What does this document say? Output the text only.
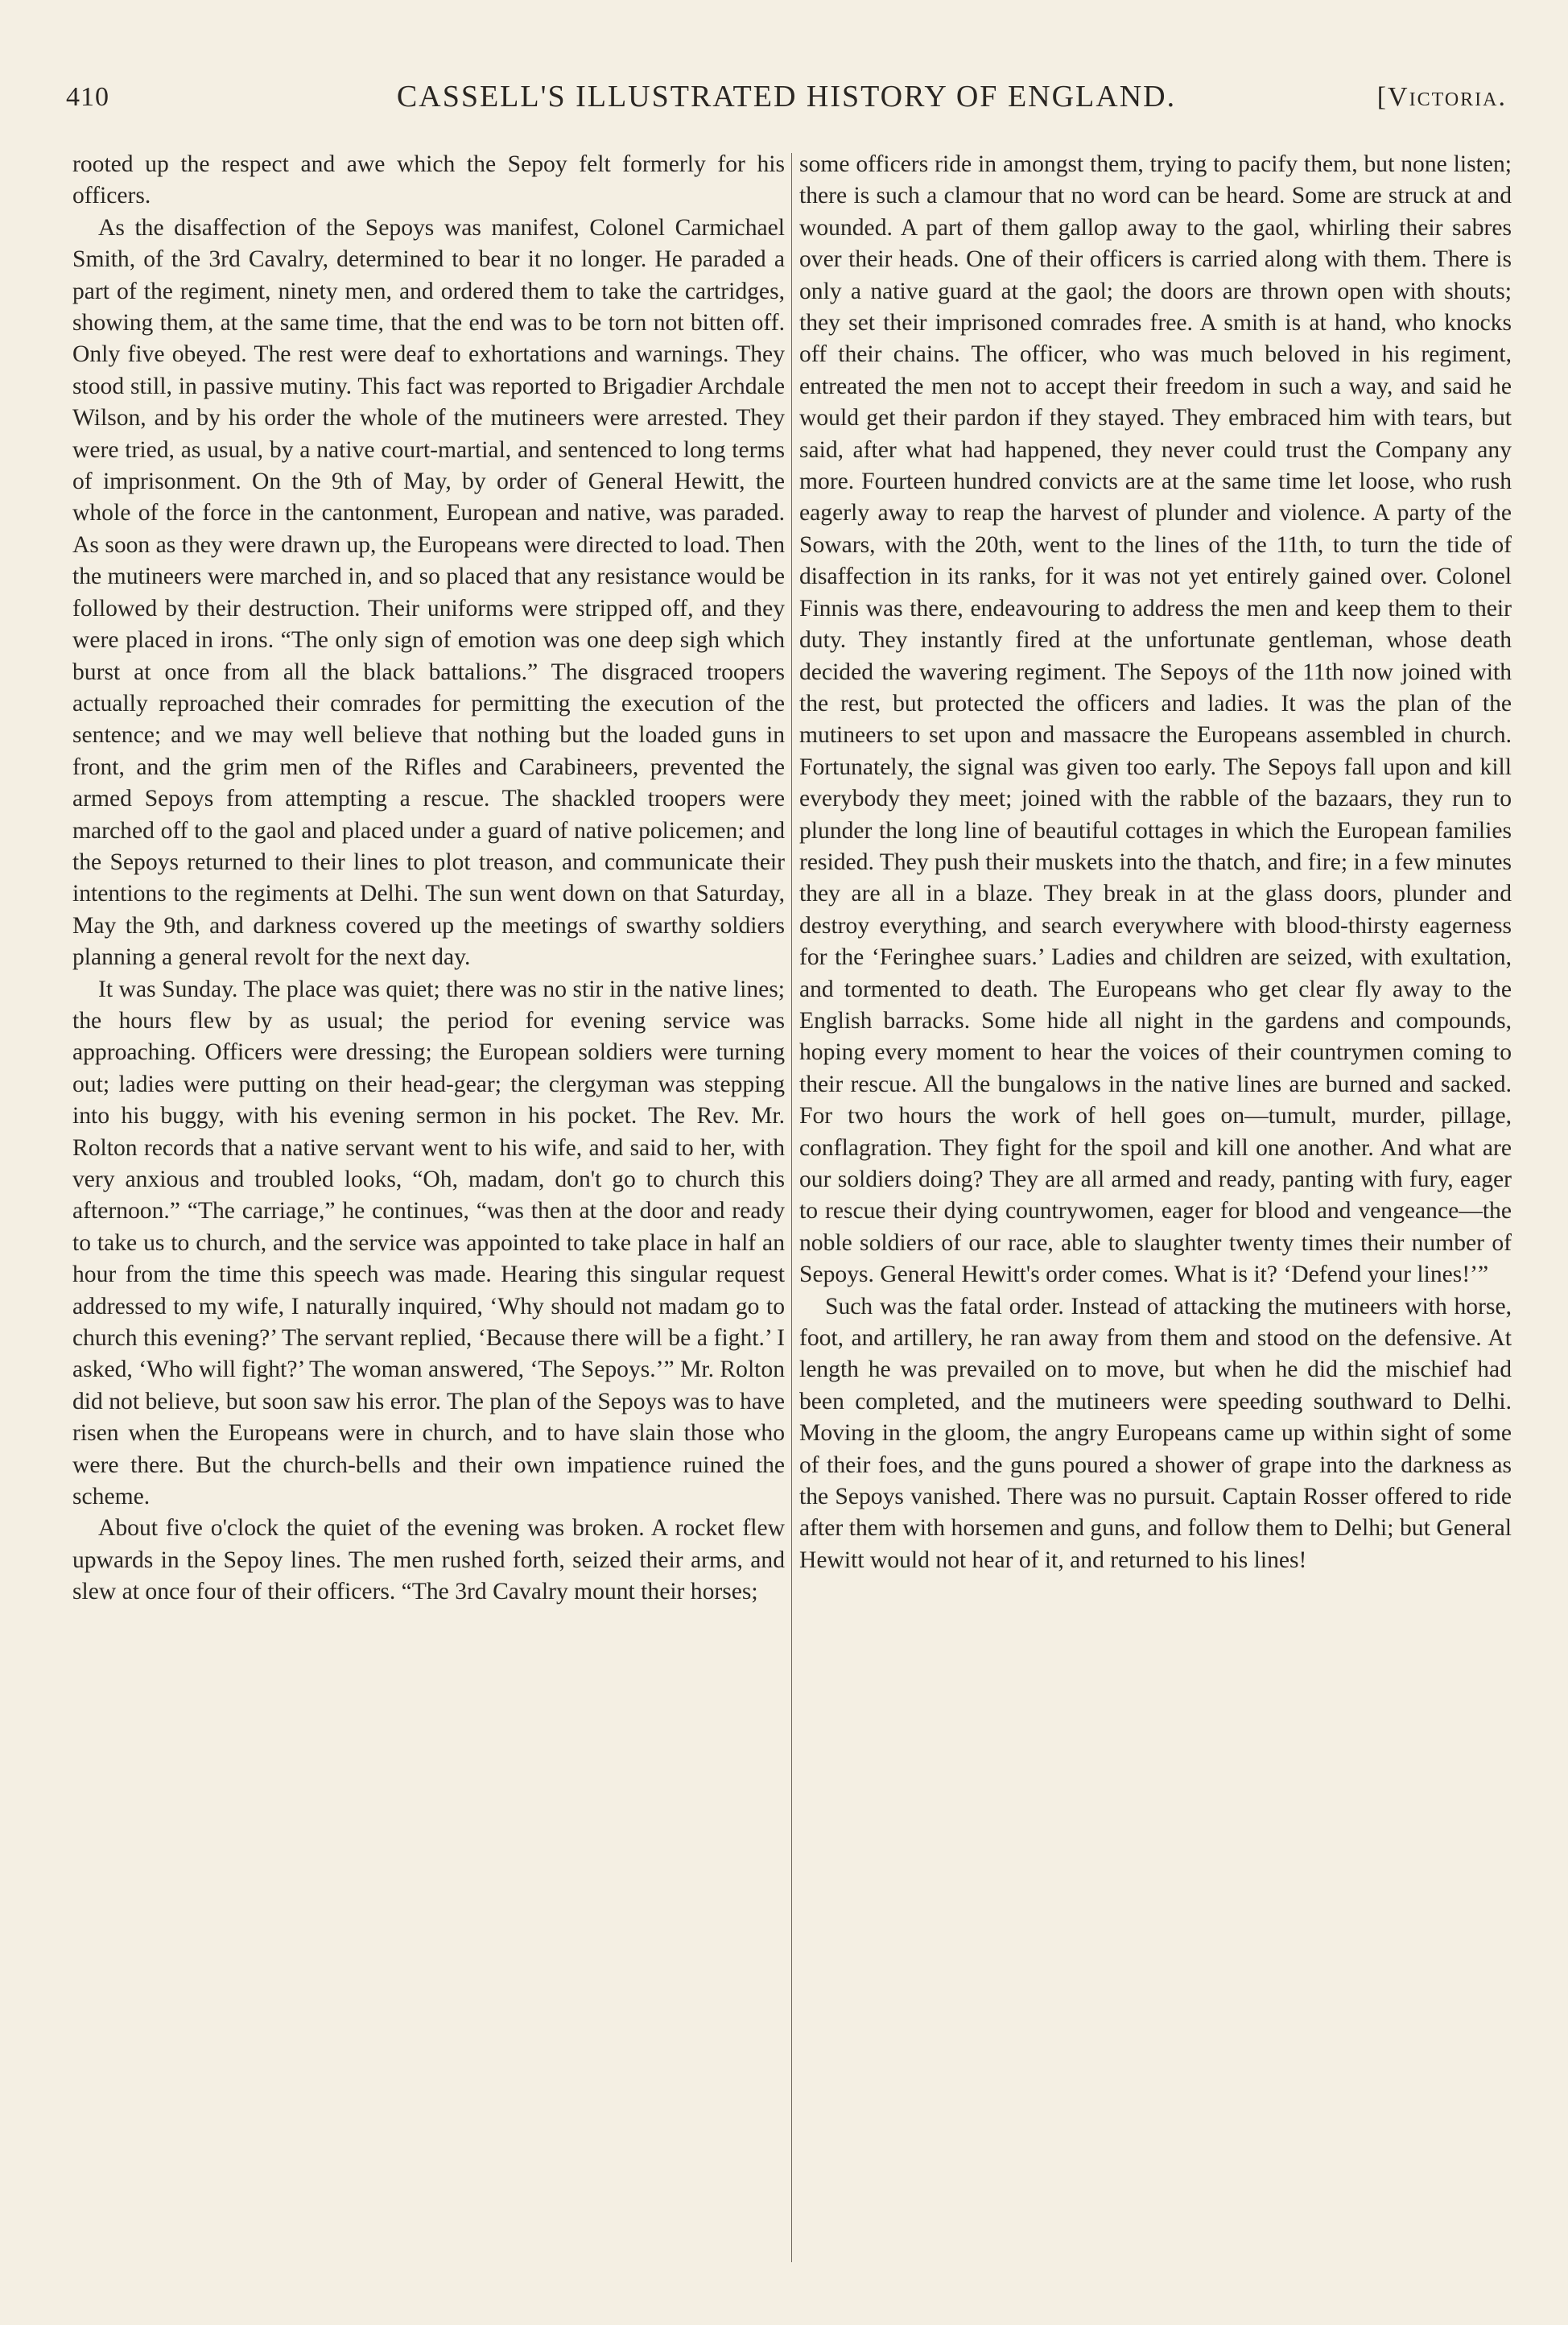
410	CASSELL'S ILLUSTRATED HISTORY OF ENGLAND.	[Victoria.

rooted up the respect and awe which the Sepoy felt formerly for his officers.

As the disaffection of the Sepoys was manifest, Colonel Carmichael Smith, of the 3rd Cavalry, determined to bear it no longer. He paraded a part of the regiment, ninety men, and ordered them to take the cartridges, showing them, at the same time, that the end was to be torn not bitten off. Only five obeyed. The rest were deaf to exhortations and warnings. They stood still, in passive mutiny. This fact was reported to Brigadier Archdale Wilson, and by his order the whole of the mutineers were arrested. They were tried, as usual, by a native court-martial, and sentenced to long terms of imprisonment. On the 9th of May, by order of General Hewitt, the whole of the force in the cantonment, European and native, was paraded. As soon as they were drawn up, the Europeans were directed to load. Then the mutineers were marched in, and so placed that any resistance would be followed by their destruction. Their uniforms were stripped off, and they were placed in irons. “The only sign of emotion was one deep sigh which burst at once from all the black battalions.” The disgraced troopers actually reproached their comrades for permitting the execution of the sentence; and we may well believe that nothing but the loaded guns in front, and the grim men of the Rifles and Carabineers, prevented the armed Sepoys from attempting a rescue. The shackled troopers were marched off to the gaol and placed under a guard of native policemen; and the Sepoys returned to their lines to plot treason, and communicate their intentions to the regiments at Delhi. The sun went down on that Saturday, May the 9th, and darkness covered up the meetings of swarthy soldiers planning a general revolt for the next day.

It was Sunday. The place was quiet; there was no stir in the native lines; the hours flew by as usual; the period for evening service was approaching. Officers were dressing; the European soldiers were turning out; ladies were putting on their head-gear; the clergyman was stepping into his buggy, with his evening sermon in his pocket. The Rev. Mr. Rolton records that a native servant went to his wife, and said to her, with very anxious and troubled looks, “Oh, madam, don't go to church this afternoon.” “The carriage,” he continues, “was then at the door and ready to take us to church, and the service was appointed to take place in half an hour from the time this speech was made. Hearing this singular request addressed to my wife, I naturally inquired, ‘Why should not madam go to church this evening?’ The servant replied, ‘Because there will be a fight.’ I asked, ‘Who will fight?’ The woman answered, ‘The Sepoys.’” Mr. Rolton did not believe, but soon saw his error. The plan of the Sepoys was to have risen when the Europeans were in church, and to have slain those who were there. But the church-bells and their own impatience ruined the scheme.

About five o'clock the quiet of the evening was broken. A rocket flew upwards in the Sepoy lines. The men rushed forth, seized their arms, and slew at once four of their officers. “The 3rd Cavalry mount their horses;

some officers ride in amongst them, trying to pacify them, but none listen; there is such a clamour that no word can be heard. Some are struck at and wounded. A part of them gallop away to the gaol, whirling their sabres over their heads. One of their officers is carried along with them. There is only a native guard at the gaol; the doors are thrown open with shouts; they set their imprisoned comrades free. A smith is at hand, who knocks off their chains. The officer, who was much beloved in his regiment, entreated the men not to accept their freedom in such a way, and said he would get their pardon if they stayed. They embraced him with tears, but said, after what had happened, they never could trust the Company any more. Fourteen hundred convicts are at the same time let loose, who rush eagerly away to reap the harvest of plunder and violence. A party of the Sowars, with the 20th, went to the lines of the 11th, to turn the tide of disaffection in its ranks, for it was not yet entirely gained over. Colonel Finnis was there, endeavouring to address the men and keep them to their duty. They instantly fired at the unfortunate gentleman, whose death decided the wavering regiment. The Sepoys of the 11th now joined with the rest, but protected the officers and ladies. It was the plan of the mutineers to set upon and massacre the Europeans assembled in church. Fortunately, the signal was given too early. The Sepoys fall upon and kill everybody they meet; joined with the rabble of the bazaars, they run to plunder the long line of beautiful cottages in which the European families resided. They push their muskets into the thatch, and fire; in a few minutes they are all in a blaze. They break in at the glass doors, plunder and destroy everything, and search everywhere with blood-thirsty eagerness for the ‘Feringhee suars.’ Ladies and children are seized, with exultation, and tormented to death. The Europeans who get clear fly away to the English barracks. Some hide all night in the gardens and compounds, hoping every moment to hear the voices of their countrymen coming to their rescue. All the bungalows in the native lines are burned and sacked. For two hours the work of hell goes on—tumult, murder, pillage, conflagration. They fight for the spoil and kill one another. And what are our soldiers doing? They are all armed and ready, panting with fury, eager to rescue their dying countrywomen, eager for blood and vengeance—the noble soldiers of our race, able to slaughter twenty times their number of Sepoys. General Hewitt's order comes. What is it? ‘Defend your lines!’”

Such was the fatal order. Instead of attacking the mutineers with horse, foot, and artillery, he ran away from them and stood on the defensive. At length he was prevailed on to move, but when he did the mischief had been completed, and the mutineers were speeding southward to Delhi. Moving in the gloom, the angry Europeans came up within sight of some of their foes, and the guns poured a shower of grape into the darkness as the Sepoys vanished. There was no pursuit. Captain Rosser offered to ride after them with horsemen and guns, and follow them to Delhi; but General Hewitt would not hear of it, and returned to his lines!
